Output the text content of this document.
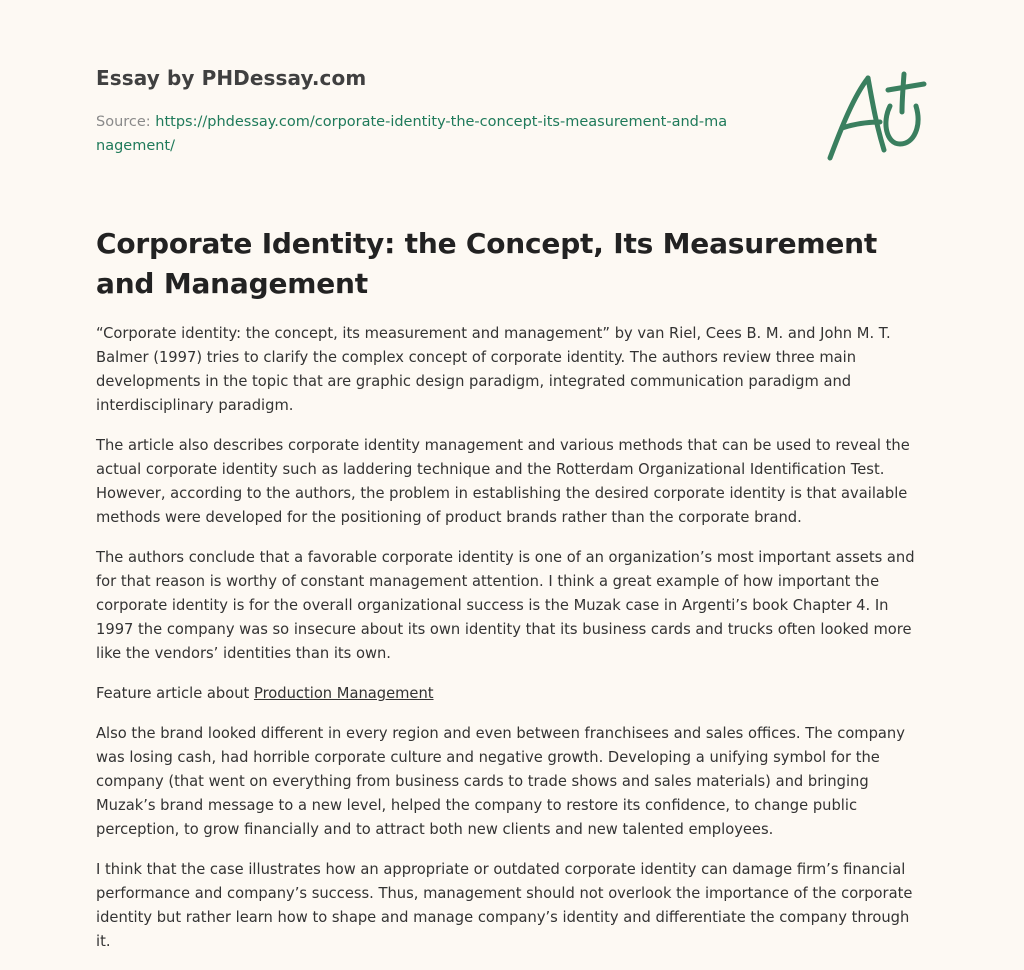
Essay by PHDessay.com

Source: https://phdessay.com/corporate-identity-the-concept-its-measurement-and-management/

Corporate Identity: the Concept, Its Measurement and Management

“Corporate identity: the concept, its measurement and management” by van Riel, Cees B. M. and John M. T. Balmer (1997) tries to clarify the complex concept of corporate identity. The authors review three main developments in the topic that are graphic design paradigm, integrated communication paradigm and interdisciplinary paradigm.

The article also describes corporate identity management and various methods that can be used to reveal the actual corporate identity such as laddering technique and the Rotterdam Organizational Identification Test. However, according to the authors, the problem in establishing the desired corporate identity is that available methods were developed for the positioning of product brands rather than the corporate brand.

The authors conclude that a favorable corporate identity is one of an organization’s most important assets and for that reason is worthy of constant management attention. I think a great example of how important the corporate identity is for the overall organizational success is the Muzak case in Argenti’s book Chapter 4. In 1997 the company was so insecure about its own identity that its business cards and trucks often looked more like the vendors’ identities than its own.

Feature article about Production Management

Also the brand looked different in every region and even between franchisees and sales offices. The company was losing cash, had horrible corporate culture and negative growth. Developing a unifying symbol for the company (that went on everything from business cards to trade shows and sales materials) and bringing Muzak’s brand message to a new level, helped the company to restore its confidence, to change public perception, to grow financially and to attract both new clients and new talented employees.

I think that the case illustrates how an appropriate or outdated corporate identity can damage firm’s financial performance and company’s success. Thus, management should not overlook the importance of the corporate identity but rather learn how to shape and manage company’s identity and differentiate the company through it.
